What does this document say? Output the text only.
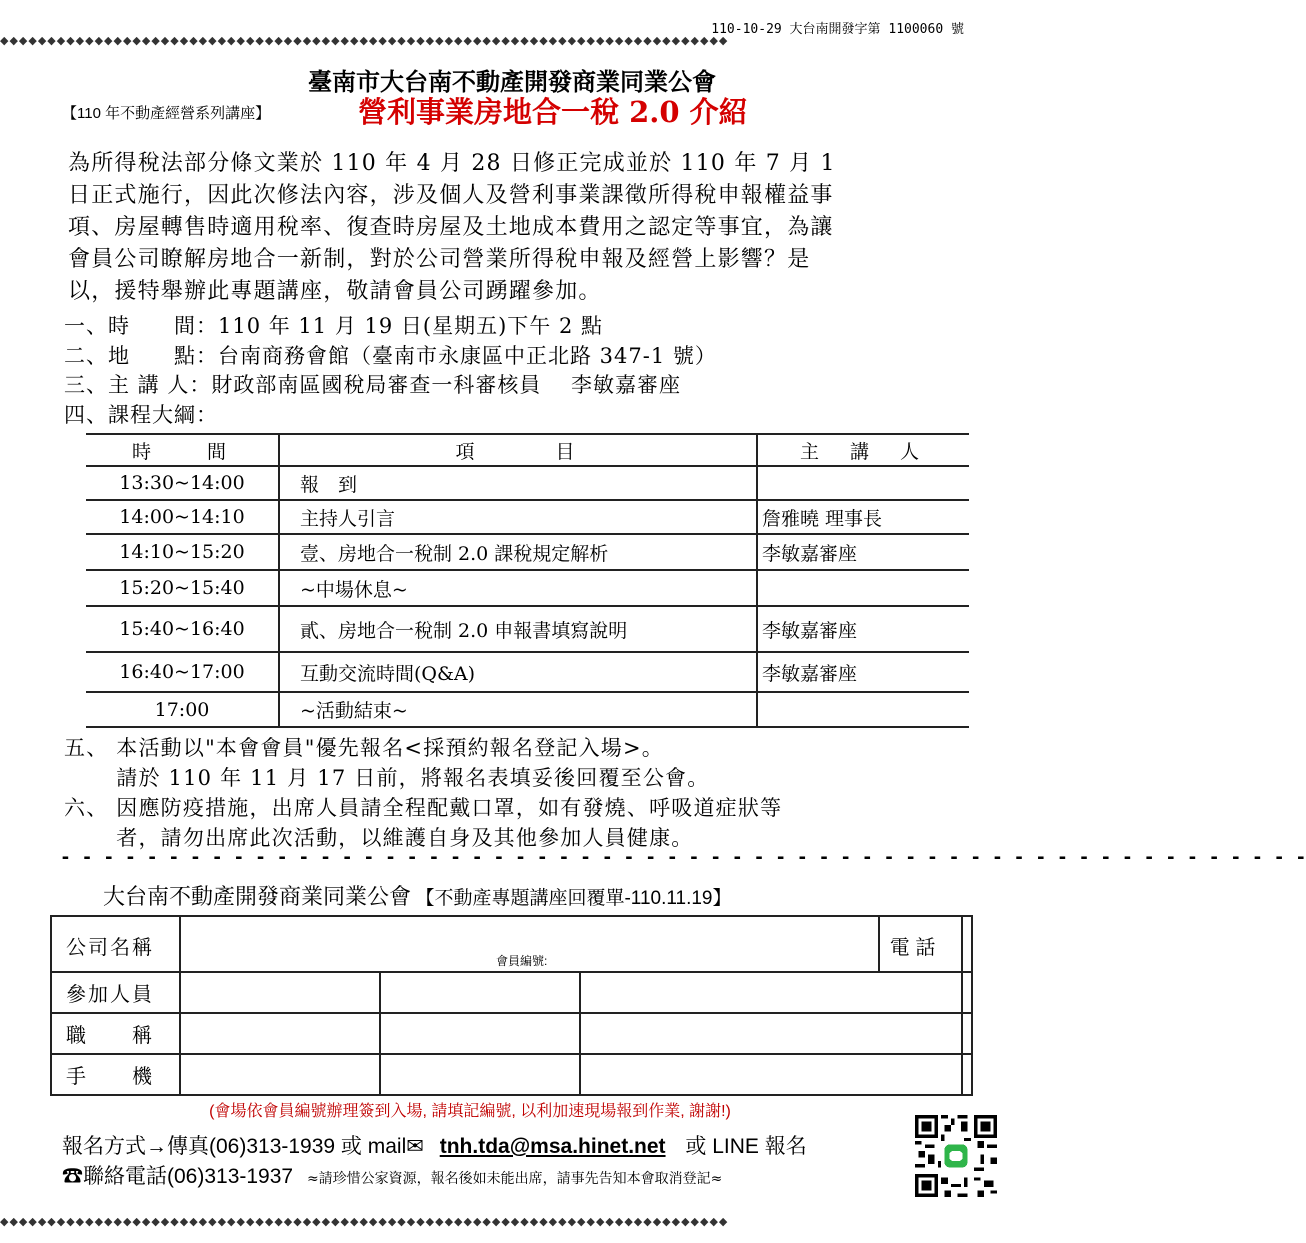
110-10-29 大台南開發字第 1100060 號
◆◆◆◆◆◆◆◆◆◆◆◆◆◆◆◆◆◆◆◆◆◆◆◆◆◆◆◆◆◆◆◆◆◆◆◆◆◆◆◆◆◆◆◆◆◆◆◆◆◆◆◆◆◆◆◆◆◆◆◆◆◆◆◆◆◆◆◆◆◆◆◆◆◆◆◆◆
臺南市大台南不動產開發商業同業公會
【110 年不動產經營系列講座】	營利事業房地合一稅 2.0 介紹
為所得稅法部分條文業於 110 年 4 月 28 日修正完成並於 110 年 7 月 1
日正式施行，因此次修法內容，涉及個人及營利事業課徵所得稅申報權益事
項、房屋轉售時適用稅率、復查時房屋及土地成本費用之認定等事宜，為讓
會員公司瞭解房地合一新制，對於公司營業所得稅申報及經營上影響？是
以，援特舉辦此專題講座，敬請會員公司踴躍參加。
一、時　　間：110 年 11 月 19 日(星期五)下午 2 點
二、地　　點：台南商務會館（臺南市永康區中正北路 347-1 號）
三、主 講 人：財政部南區國稅局審查一科審核員　 李敏嘉審座
四、課程大綱：
時　　間	項　　　目	主　講　人
13:30~14:00	報　到	
14:00~14:10	主持人引言	詹雅曉 理事長
14:10~15:20	壹、房地合一稅制 2.0 課稅規定解析	李敏嘉審座
15:20~15:40	~中場休息~	
15:40~16:40	貳、房地合一稅制 2.0 申報書填寫說明	李敏嘉審座
16:40~17:00	互動交流時間(Q&A)	李敏嘉審座
17:00	~活動結束~	
五、 本活動以"本會會員"優先報名<採預約報名登記入場>。
　　 請於 110 年 11 月 17 日前，將報名表填妥後回覆至公會。
六、 因應防疫措施，出席人員請全程配戴口罩，如有發燒、呼吸道症狀等
　　 者，請勿出席此次活動，以維護自身及其他參加人員健康。
- - - - - - - - - - - - - - - - - - - - - - - - - - - - - - - - - - - - - - - - - - - - - - - - - - - - - - - - - -
大台南不動產開發商業同業公會 【不動產專題講座回覆單-110.11.19】
公司名稱				電 話	
參加人員					
職　　稱					
手　　機					
會員編號:
(會場依會員編號辦理簽到入場, 請填記編號, 以利加速現場報到作業, 謝謝!)
報名方式→傳真(06)313-1939 或 mail✉ tnh.tda@msa.hinet.net 或 LINE 報名
☎聯絡電話(06)313-1937 ≈請珍惜公家資源，報名後如未能出席，請事先告知本會取消登記≈
◆◆◆◆◆◆◆◆◆◆◆◆◆◆◆◆◆◆◆◆◆◆◆◆◆◆◆◆◆◆◆◆◆◆◆◆◆◆◆◆◆◆◆◆◆◆◆◆◆◆◆◆◆◆◆◆◆◆◆◆◆◆◆◆◆◆◆◆◆◆◆◆◆◆◆◆◆
